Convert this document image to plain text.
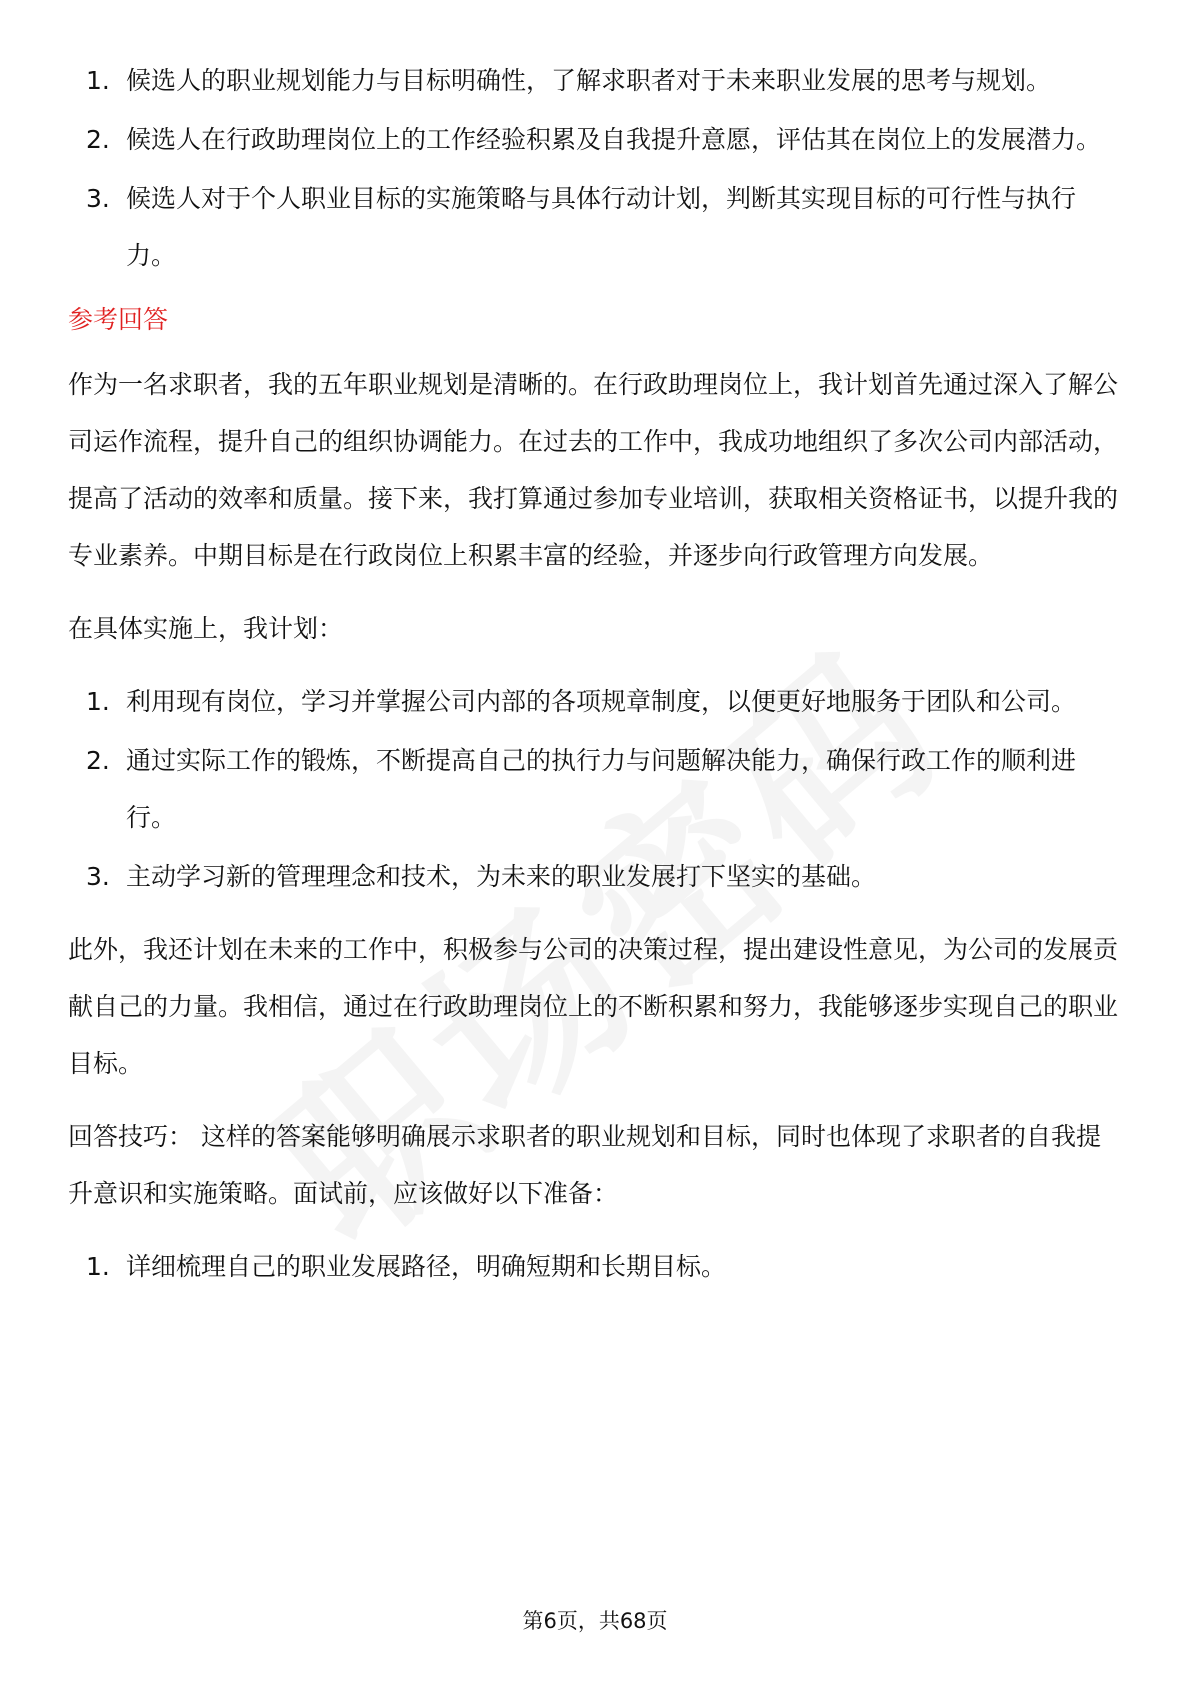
1. 候选人的职业规划能力与目标明确性，了解求职者对于未来职业发展的思考与规划。
2. 候选人在行政助理岗位上的工作经验积累及自我提升意愿，评估其在岗位上的发展潜力。
3. 候选人对于个人职业目标的实施策略与具体行动计划，判断其实现目标的可行性与执行力。
参考回答

作为一名求职者，我的五年职业规划是清晰的。在行政助理岗位上，我计划首先通过深入了解公司运作流程，提升自己的组织协调能力。在过去的工作中，我成功地组织了多次公司内部活动，提高了活动的效率和质量。接下来，我打算通过参加专业培训，获取相关资格证书，以提升我的专业素养。中期目标是在行政岗位上积累丰富的经验，并逐步向行政管理方向发展。

在具体实施上，我计划：

1. 利用现有岗位，学习并掌握公司内部的各项规章制度，以便更好地服务于团队和公司。
2. 通过实际工作的锻炼，不断提高自己的执行力与问题解决能力，确保行政工作的顺利进行。
3. 主动学习新的管理理念和技术，为未来的职业发展打下坚实的基础。

此外，我还计划在未来的工作中，积极参与公司的决策过程，提出建设性意见，为公司的发展贡献自己的力量。我相信，通过在行政助理岗位上的不断积累和努力，我能够逐步实现自己的职业目标。

回答技巧： 这样的答案能够明确展示求职者的职业规划和目标，同时也体现了求职者的自我提升意识和实施策略。面试前，应该做好以下准备：

1. 详细梳理自己的职业发展路径，明确短期和长期目标。
第6页，共68页
